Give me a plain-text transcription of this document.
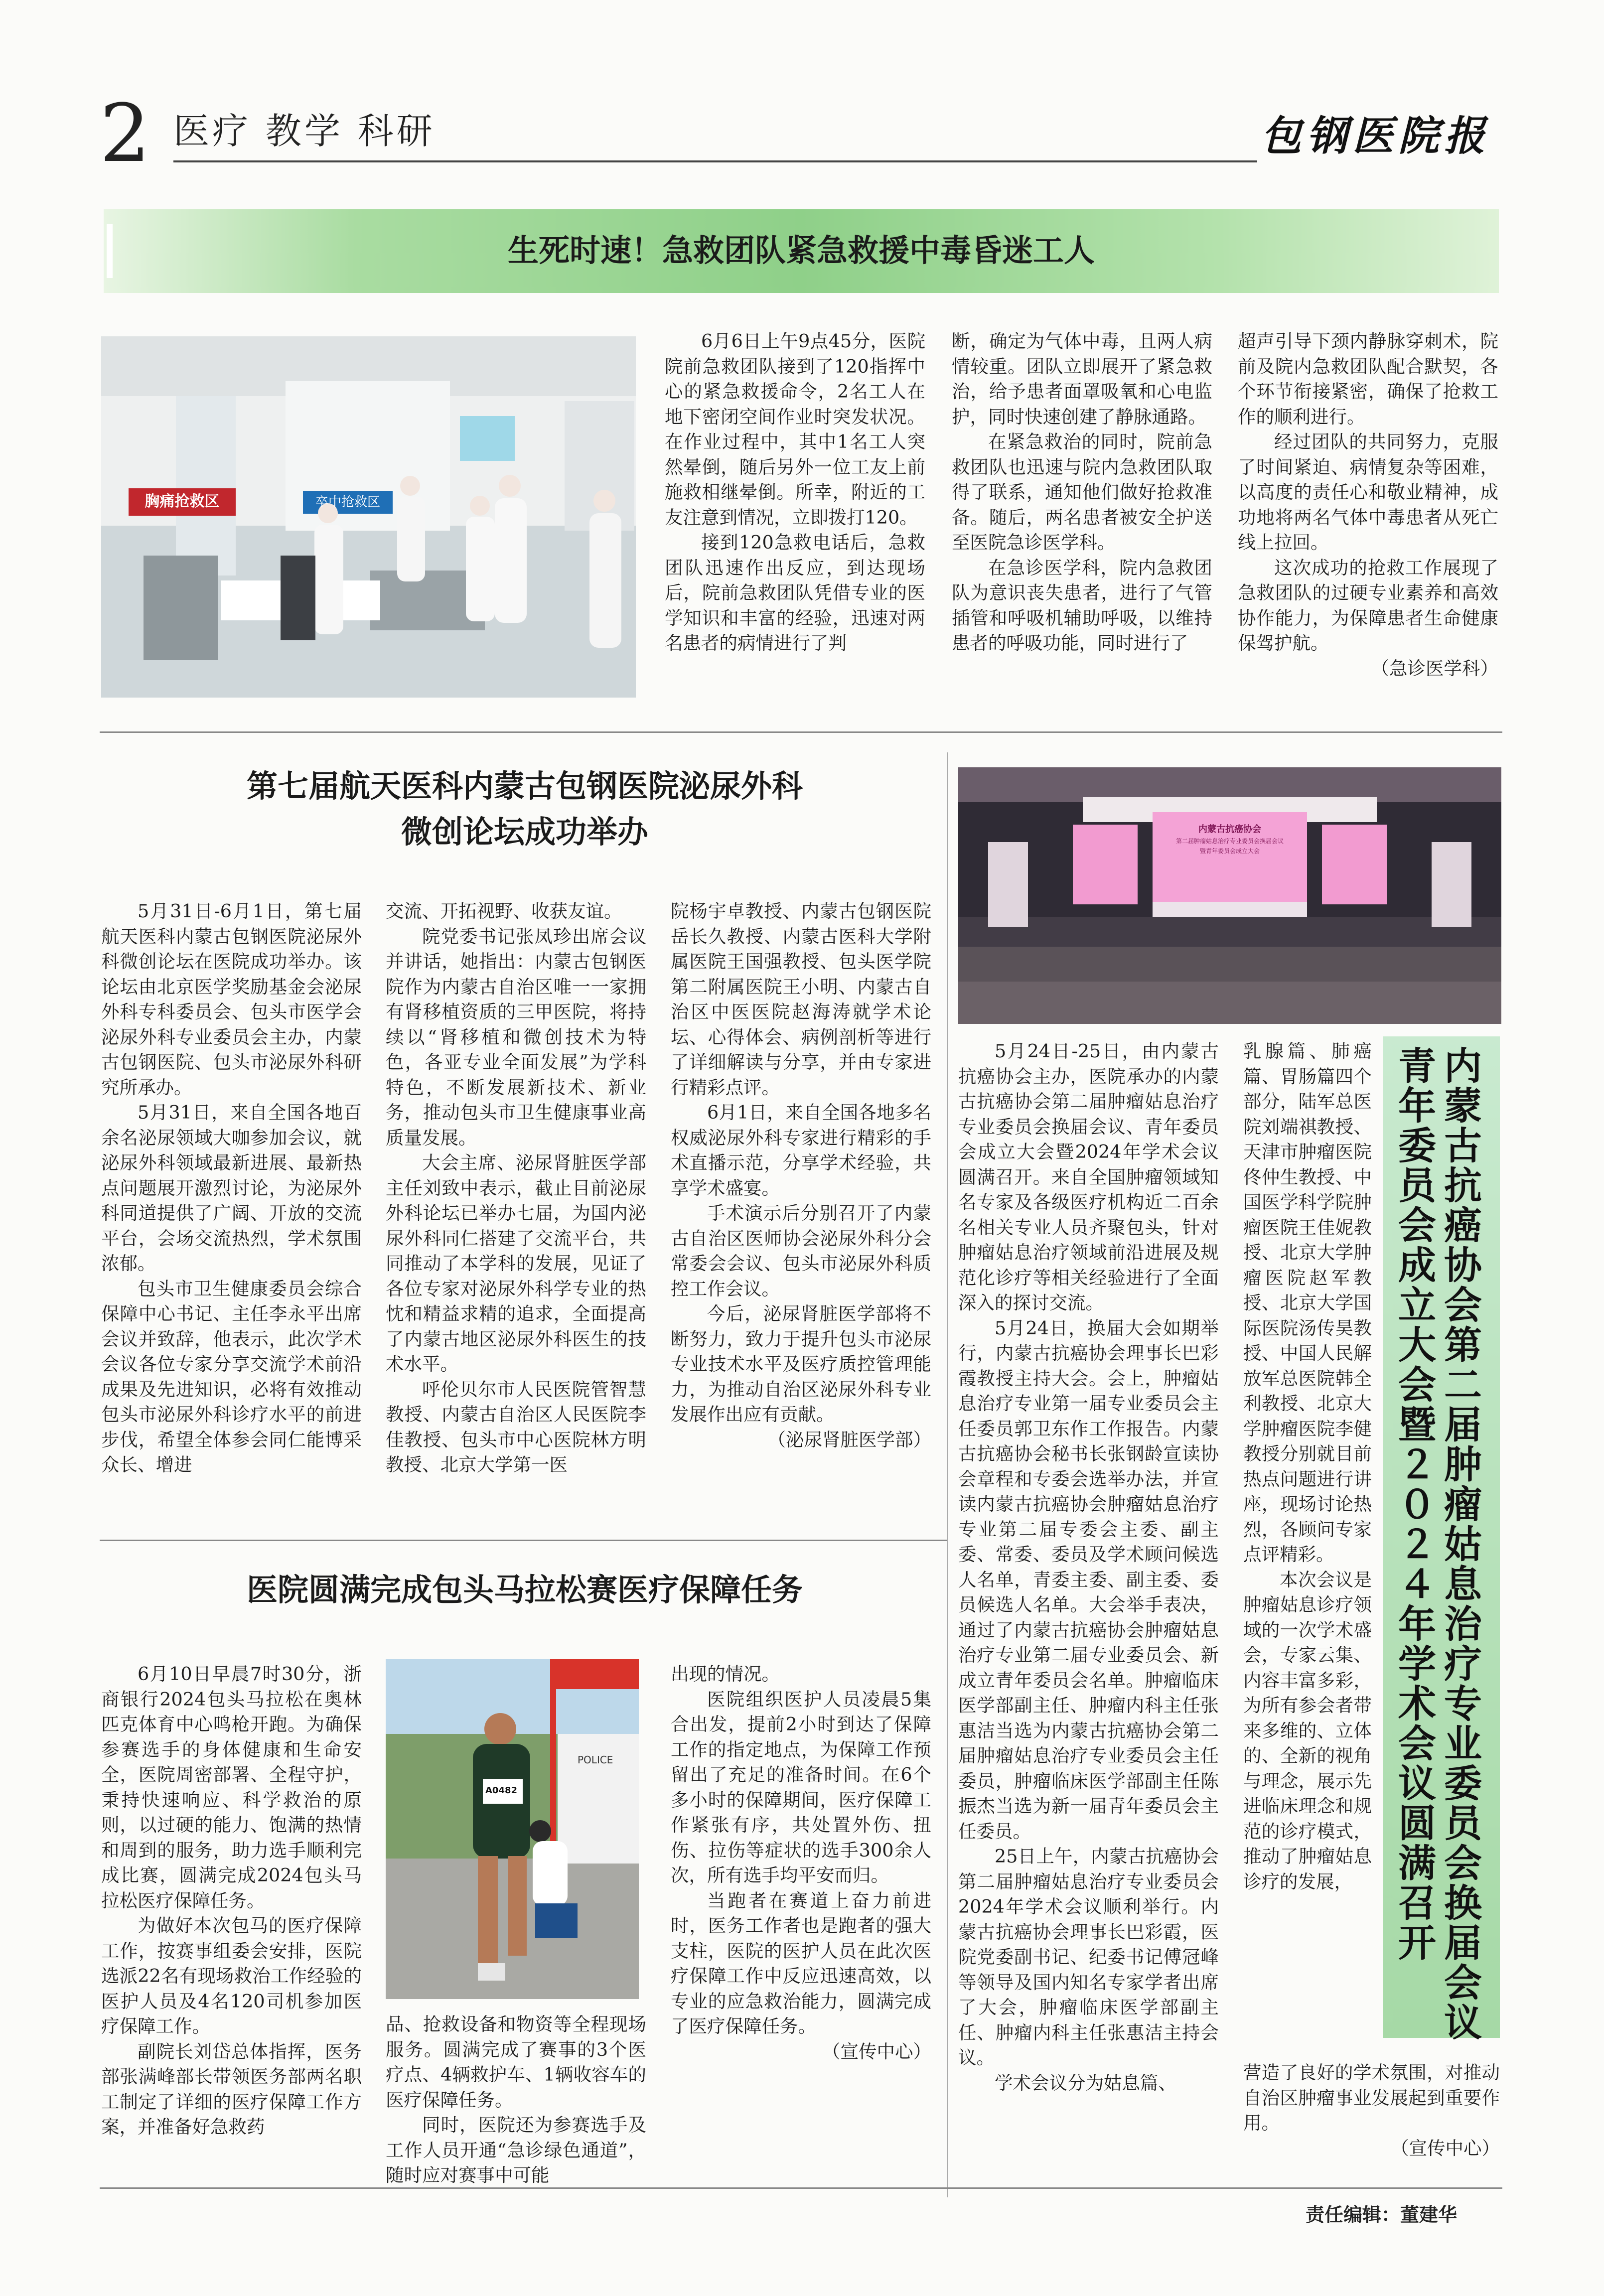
2 医疗 教学 科研	包钢医院报
生死时速！急救团队紧急救援中毒昏迷工人
胸痛抢救区	卒中抢救区

6月6日上午9点45分，医院院前急救团队接到了120指挥中心的紧急救援命令，2名工人在地下密闭空间作业时突发状况。在作业过程中，其中1名工人突然晕倒，随后另外一位工友上前施救相继晕倒。所幸，附近的工友注意到情况，立即拨打120。

接到120急救电话后，急救团队迅速作出反应，到达现场后，院前急救团队凭借专业的医学知识和丰富的经验，迅速对两名患者的病情进行了判

断，确定为气体中毒，且两人病情较重。团队立即展开了紧急救治，给予患者面罩吸氧和心电监护，同时快速创建了静脉通路。

在紧急救治的同时，院前急救团队也迅速与院内急救团队取得了联系，通知他们做好抢救准备。随后，两名患者被安全护送至医院急诊医学科。

在急诊医学科，院内急救团队为意识丧失患者，进行了气管插管和呼吸机辅助呼吸，以维持患者的呼吸功能，同时进行了

超声引导下颈内静脉穿刺术，院前及院内急救团队配合默契，各个环节衔接紧密，确保了抢救工作的顺利进行。

经过团队的共同努力，克服了时间紧迫、病情复杂等困难，以高度的责任心和敬业精神，成功地将两名气体中毒患者从死亡线上拉回。

这次成功的抢救工作展现了急救团队的过硬专业素养和高效协作能力，为保障患者生命健康保驾护航。

（急诊医学科）

第七届航天医科内蒙古包钢医院泌尿外科
微创论坛成功举办

5月31日-6月1日，第七届航天医科内蒙古包钢医院泌尿外科微创论坛在医院成功举办。该论坛由北京医学奖励基金会泌尿外科专科委员会、包头市医学会泌尿外科专业委员会主办，内蒙古包钢医院、包头市泌尿外科研究所承办。

5月31日，来自全国各地百余名泌尿领域大咖参加会议，就泌尿外科领域最新进展、最新热点问题展开激烈讨论，为泌尿外科同道提供了广阔、开放的交流平台，会场交流热烈，学术氛围浓郁。

包头市卫生健康委员会综合保障中心书记、主任李永平出席会议并致辞，他表示，此次学术会议各位专家分享交流学术前沿成果及先进知识，必将有效推动包头市泌尿外科诊疗水平的前进步伐，希望全体参会同仁能博采众长、增进

交流、开拓视野、收获友谊。

院党委书记张凤珍出席会议并讲话，她指出：内蒙古包钢医院作为内蒙古自治区唯一一家拥有肾移植资质的三甲医院，将持续以“肾移植和微创技术为特色，各亚专业全面发展”为学科特色，不断发展新技术、新业务，推动包头市卫生健康事业高质量发展。

大会主席、泌尿肾脏医学部主任刘致中表示，截止目前泌尿外科论坛已举办七届，为国内泌尿外科同仁搭建了交流平台，共同推动了本学科的发展，见证了各位专家对泌尿外科学专业的热忱和精益求精的追求，全面提高了内蒙古地区泌尿外科医生的技术水平。

呼伦贝尔市人民医院管智慧教授、内蒙古自治区人民医院李佳教授、包头市中心医院林方明教授、北京大学第一医

院杨宇卓教授、内蒙古包钢医院岳长久教授、内蒙古医科大学附属医院王国强教授、包头医学院第二附属医院王小明、内蒙古自治区中医医院赵海涛就学术论坛、心得体会、病例剖析等进行了详细解读与分享，并由专家进行精彩点评。

6月1日，来自全国各地多名权威泌尿外科专家进行精彩的手术直播示范，分享学术经验，共享学术盛宴。

手术演示后分别召开了内蒙古自治区医师协会泌尿外科分会常委会会议、包头市泌尿外科质控工作会议。

今后，泌尿肾脏医学部将不断努力，致力于提升包头市泌尿专业技术水平及医疗质控管理能力，为推动自治区泌尿外科专业发展作出应有贡献。

（泌尿肾脏医学部）

医院圆满完成包头马拉松赛医疗保障任务

6月10日早晨7时30分，浙商银行2024包头马拉松在奥林匹克体育中心鸣枪开跑。为确保参赛选手的身体健康和生命安全，医院周密部署、全程守护，秉持快速响应、科学救治的原则，以过硬的能力、饱满的热情和周到的服务，助力选手顺利完成比赛，圆满完成2024包头马拉松医疗保障任务。

为做好本次包马的医疗保障工作，按赛事组委会安排，医院选派22名有现场救治工作经验的医护人员及4名120司机参加医疗保障工作。

副院长刘岱总体指挥，医务部张满峰部长带领医务部两名职工制定了详细的医疗保障工作方案，并准备好急救药

POLICE
A0482

品、抢救设备和物资等全程现场服务。圆满完成了赛事的3个医疗点、4辆救护车、1辆收容车的医疗保障任务。

同时，医院还为参赛选手及工作人员开通“急诊绿色通道”，随时应对赛事中可能

出现的情况。

医院组织医护人员凌晨5集合出发，提前2小时到达了保障工作的指定地点，为保障工作预留出了充足的准备时间。在6个多小时的保障期间，医疗保障工作紧张有序，共处置外伤、扭伤、拉伤等症状的选手300余人次，所有选手均平安而归。

当跑者在赛道上奋力前进时，医务工作者也是跑者的强大支柱，医院的医护人员在此次医疗保障工作中反应迅速高效，以专业的应急救治能力，圆满完成了医疗保障任务。

（宣传中心）

内蒙古抗癌协会
第二届肿瘤姑息治疗专业委员会换届会议
暨青年委员会成立大会

5月24日-25日，由内蒙古抗癌协会主办，医院承办的内蒙古抗癌协会第二届肿瘤姑息治疗专业委员会换届会议、青年委员会成立大会暨2024年学术会议圆满召开。来自全国肿瘤领域知名专家及各级医疗机构近二百余名相关专业人员齐聚包头，针对肿瘤姑息治疗领域前沿进展及规范化诊疗等相关经验进行了全面深入的探讨交流。

5月24日，换届大会如期举行，内蒙古抗癌协会理事长巴彩霞教授主持大会。会上，肿瘤姑息治疗专业第一届专业委员会主任委员郭卫东作工作报告。内蒙古抗癌协会秘书长张钢龄宣读协会章程和专委会选举办法，并宣读内蒙古抗癌协会肿瘤姑息治疗专业第二届专委会主委、副主委、常委、委员及学术顾问候选人名单，青委主委、副主委、委员候选人名单。大会举手表决，通过了内蒙古抗癌协会肿瘤姑息治疗专业第二届专业委员会、新成立青年委员会名单。肿瘤临床医学部副主任、肿瘤内科主任张惠洁当选为内蒙古抗癌协会第二届肿瘤姑息治疗专业委员会主任委员，肿瘤临床医学部副主任陈振杰当选为新一届青年委员会主任委员。

25日上午，内蒙古抗癌协会第二届肿瘤姑息治疗专业委员会2024年学术会议顺利举行。内蒙古抗癌协会理事长巴彩霞，医院党委副书记、纪委书记傅冠峰等领导及国内知名专家学者出席了大会，肿瘤临床医学部副主任、肿瘤内科主任张惠洁主持会议。

学术会议分为姑息篇、

乳腺篇、肺癌篇、胃肠篇四个部分，陆军总医院刘端祺教授、天津市肿瘤医院佟仲生教授、中国医学科学院肿瘤医院王佳妮教授、北京大学肿瘤医院赵军教授、北京大学国际医院汤传昊教授、中国人民解放军总医院韩全利教授、北京大学肿瘤医院李健教授分别就目前热点问题进行讲座，现场讨论热烈，各顾问专家点评精彩。

本次会议是肿瘤姑息诊疗领域的一次学术盛会，专家云集、内容丰富多彩，为所有参会者带来多维的、立体的、全新的视角与理念，展示先进临床理念和规范的诊疗模式，推动了肿瘤姑息诊疗的发展，

营造了良好的学术氛围，对推动自治区肿瘤事业发展起到重要作用。

（宣传中心）

内蒙古抗癌协会第二届肿瘤姑息治疗专业委员会换届会议
青年委员会成立大会暨２０２４年学术会议圆满召开
责任编辑：董建华
